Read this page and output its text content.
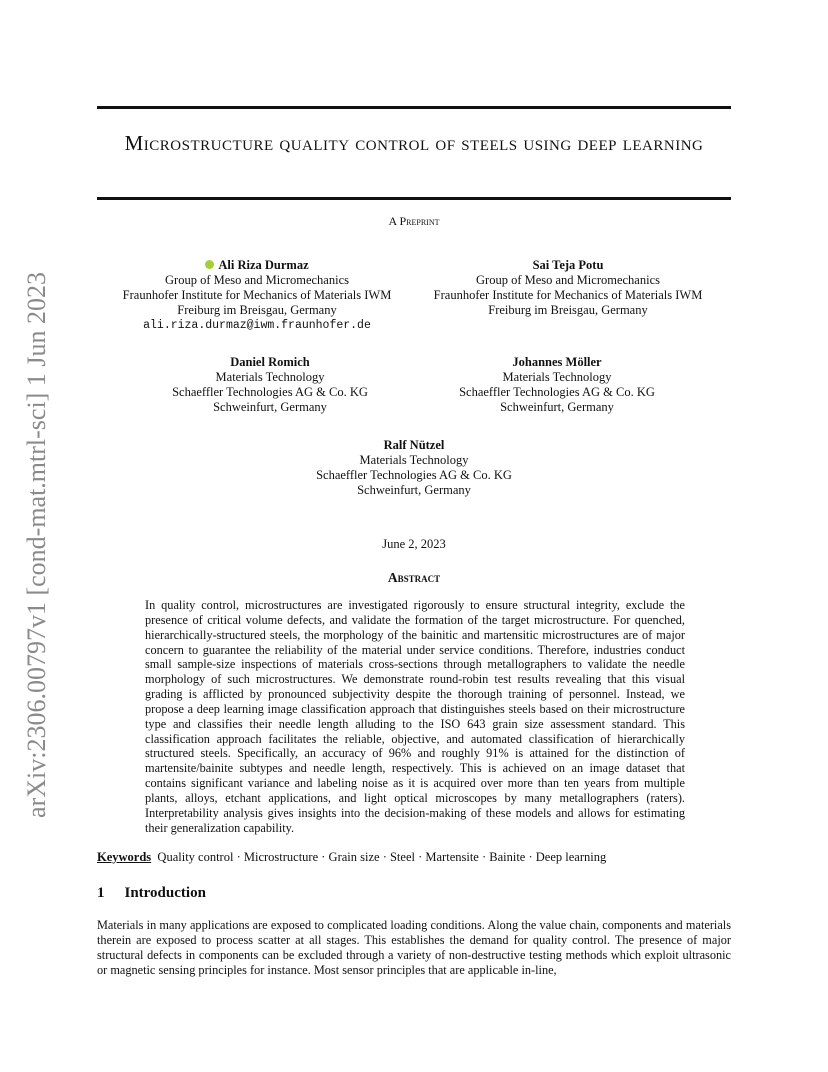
arXiv:2306.00797v1 [cond-mat.mtrl-sci] 1 Jun 2023
Microstructure quality control of steels using deep learning
A Preprint
Ali Riza Durmaz
Group of Meso and Micromechanics
Fraunhofer Institute for Mechanics of Materials IWM
Freiburg im Breisgau, Germany
ali.riza.durmaz@iwm.fraunhofer.de
Sai Teja Potu
Group of Meso and Micromechanics
Fraunhofer Institute for Mechanics of Materials IWM
Freiburg im Breisgau, Germany
Daniel Romich
Materials Technology
Schaeffler Technologies AG & Co. KG
Schweinfurt, Germany
Johannes Möller
Materials Technology
Schaeffler Technologies AG & Co. KG
Schweinfurt, Germany
Ralf Nützel
Materials Technology
Schaeffler Technologies AG & Co. KG
Schweinfurt, Germany
June 2, 2023
Abstract
In quality control, microstructures are investigated rigorously to ensure structural integrity, exclude the presence of critical volume defects, and validate the formation of the target microstructure. For quenched, hierarchically-structured steels, the morphology of the bainitic and martensitic microstructures are of major concern to guarantee the reliability of the material under service conditions. Therefore, industries conduct small sample-size inspections of materials cross-sections through metallographers to validate the needle morphology of such microstructures. We demonstrate round-robin test results revealing that this visual grading is afflicted by pronounced subjectivity despite the thorough training of personnel. Instead, we propose a deep learning image classification approach that distinguishes steels based on their microstructure type and classifies their needle length alluding to the ISO 643 grain size assessment standard. This classification approach facilitates the reliable, objective, and automated classification of hierarchically structured steels. Specifically, an accuracy of 96% and roughly 91% is attained for the distinction of martensite/bainite subtypes and needle length, respectively. This is achieved on an image dataset that contains significant variance and labeling noise as it is acquired over more than ten years from multiple plants, alloys, etchant applications, and light optical microscopes by many metallographers (raters). Interpretability analysis gives insights into the decision-making of these models and allows for estimating their generalization capability.
Keywords Quality control · Microstructure · Grain size · Steel · Martensite · Bainite · Deep learning
1 Introduction
Materials in many applications are exposed to complicated loading conditions. Along the value chain, components and materials therein are exposed to process scatter at all stages. This establishes the demand for quality control. The presence of major structural defects in components can be excluded through a variety of non-destructive testing methods which exploit ultrasonic or magnetic sensing principles for instance. Most sensor principles that are applicable in-line,
